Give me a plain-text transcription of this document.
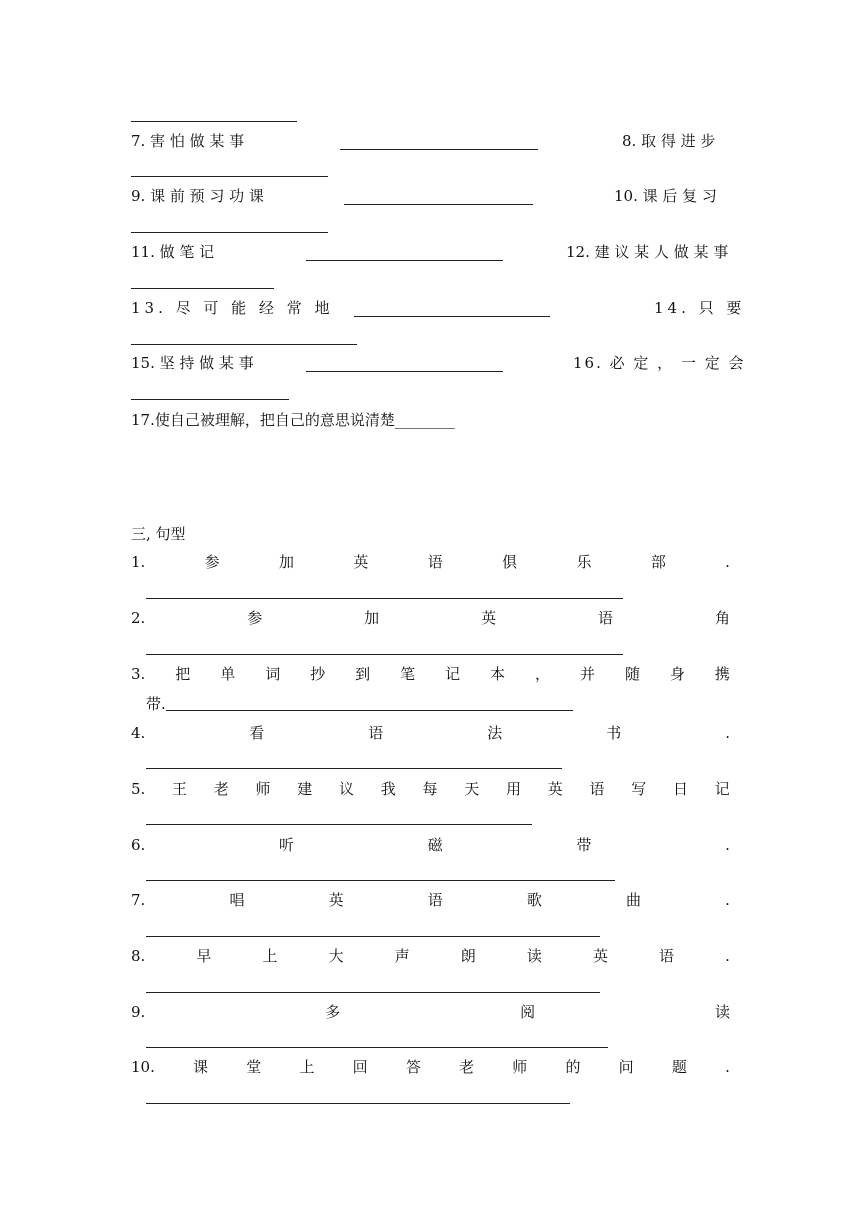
7. 害 怕 做 某 事	8. 取 得 进 步
9. 课 前 预 习 功 课	10. 课 后 复 习
11. 做 笔 记	12. 建 议 某 人 做 某 事
13. 尽 可 能 经 常 地	14. 只 要
15. 坚 持 做 某 事	16. 必 定 ， 一 定 会
17.使自己被理解，把自己的意思说清楚________
三, 句型
1.	参	加	英	语	俱	乐	部	.
2.	参	加	英	语	角
3. 把 单 词 抄 到 笔 记 本 ， 并 随 身 携
带.
4.	看	语	法	书	.
5. 王 老 师 建 议 我 每 天 用 英 语 写 日 记
6.	听	磁	带	.
7.	唱	英	语	歌	曲	.
8.	早	上	大	声	朗	读	英	语	.
9.	多	阅	读
10.	课	堂	上	回	答	老	师	的	问	题	.
